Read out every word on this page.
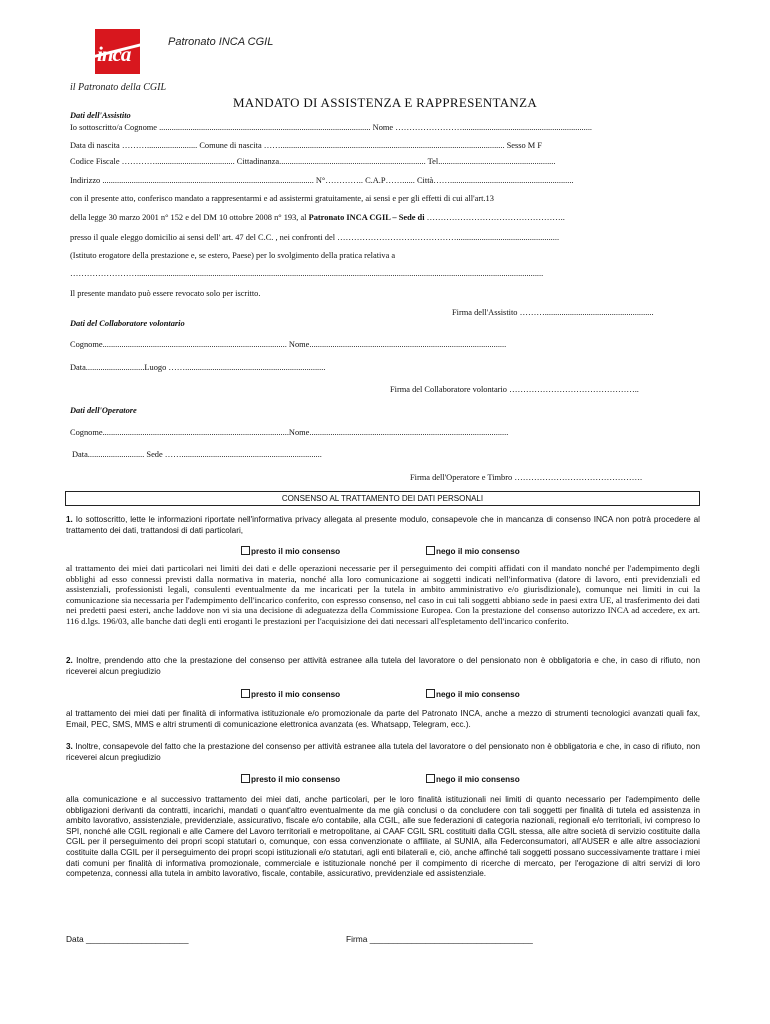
inca
il Patronato della CGIL
Patronato INCA CGIL
MANDATO DI ASSISTENZA E RAPPRESENTANZA
Dati dell'Assistito
Io sottoscritto/a Cognome ..................................................................................................... Nome ……………………..............................................................
Data di nascita ………........................ Comune di nascita ……........................................................................................................... Sesso M F
Codice Fiscale …………...................................... Cittadinanza...................................................................... Tel........................................................
Indirizzo ..................................................................................................... N°………….. C.A.P……...... Città……...........................................................
con il presente atto, conferisco mandato a rappresentarmi e ad assistermi gratuitamente, ai sensi e per gli effetti di cui all'art.13
della legge 30 marzo 2001 n° 152 e del DM 10 ottobre 2008 n° 193, al Patronato INCA CGIL – Sede di …………………………………………..
presso il quale eleggo domicilio ai sensi dell' art. 47 del C.C. , nei confronti del ……………………….…………….................................................
(Istituto erogatore della prestazione e, se estero, Paese) per lo svolgimento della pratica relativa a
……………………..................................................................................................................................................................................................
Il presente mandato può essere revocato solo per iscritto.
Firma dell'Assistito ………....................................................
Dati del Collaboratore volontario
Cognome........................................................................................ Nome..............................................................................................
Data............................Luogo ……...................................................................
Firma del Collaboratore volontario ………………………………………..
Dati dell'Operatore
Cognome.........................................................................................Nome...............................................................................................
Data........................... Sede ……...................................................................
Firma dell'Operatore e Timbro ……………………………………….
CONSENSO AL TRATTAMENTO DEI DATI PERSONALI
1. Io sottoscritto, lette le informazioni riportate nell'informativa privacy allegata al presente modulo, consapevole che in mancanza di consenso INCA non potrà procedere al trattamento dei dati, trattandosi di dati particolari,
presto il mio consenso	nego il mio consenso
al trattamento dei miei dati particolari nei limiti dei dati e delle operazioni necessarie per il perseguimento dei compiti affidati con il mandato nonché per l'adempimento degli obblighi ad esso connessi previsti dalla normativa in materia, nonché alla loro comunicazione ai soggetti indicati nell'informativa (datore di lavoro, enti previdenziali ed assistenziali, professionisti legali, consulenti eventualmente da me incaricati per la tutela in ambito amministrativo e/o giurisdizionale), comunque nei limiti in cui la comunicazione sia necessaria per l'adempimento dell'incarico conferito, con espresso consenso, nel caso in cui tali soggetti abbiano sede in paesi extra UE, al trasferimento dei dati nei predetti paesi esteri, anche laddove non vi sia una decisione di adeguatezza della Commissione Europea. Con la prestazione del consenso autorizzo INCA ad accedere, ex art. 116 d.lgs. 196/03, alle banche dati degli enti eroganti le prestazioni per l'acquisizione dei dati necessari all'espletamento dell'incarico conferito.
2. Inoltre, prendendo atto che la prestazione del consenso per attività estranee alla tutela del lavoratore o del pensionato non è obbligatoria e che, in caso di rifiuto, non riceverei alcun pregiudizio
presto il mio consenso	nego il mio consenso
al trattamento dei miei dati per finalità di informativa istituzionale e/o promozionale da parte del Patronato INCA, anche a mezzo di strumenti tecnologici avanzati quali fax, Email, PEC, SMS, MMS e altri strumenti di comunicazione elettronica avanzata (es. Whatsapp, Telegram, ecc.).
3. Inoltre, consapevole del fatto che la prestazione del consenso per attività estranee alla tutela del lavoratore o del pensionato non è obbligatoria e che, in caso di rifiuto, non riceverei alcun pregiudizio
presto il mio consenso	nego il mio consenso
alla comunicazione e al successivo trattamento dei miei dati, anche particolari, per le loro finalità istituzionali nei limiti di quanto necessario per l'adempimento delle obbligazioni derivanti da contratti, incarichi, mandati o quant'altro eventualmente da me già conclusi o da concludere con tali soggetti per finalità di tutela ed assistenza in ambito lavorativo, assistenziale, previdenziale, assicurativo, fiscale e/o contabile, alla CGIL, alle sue federazioni di categoria nazionali, regionali e/o territoriali, ivi compreso lo SPI, nonché alle CGIL regionali e alle Camere del Lavoro territoriali e metropolitane, ai CAAF CGIL SRL costituiti dalla CGIL stessa, alle altre società di servizio costituite dalla CGIL per il perseguimento dei propri scopi statutari o, comunque, con essa convenzionate o affiliate, al SUNIA, alla Federconsumatori, all'AUSER e alle altre associazioni costituite dalla CGIL per il perseguimento dei propri scopi istituzionali e/o statutari, agli enti bilaterali e, ciò, anche affinché tali soggetti possano successivamente trattare i miei dati comuni per finalità di informativa promozionale, commerciale e istituzionale nonché per il compimento di ricerche di mercato, per l'erogazione di altri servizi di loro competenza, connessi alla tutela in ambito lavorativo, fiscale, contabile, assicurativo, previdenziale ed assistenziale.
Data ______________________	Firma ___________________________________
